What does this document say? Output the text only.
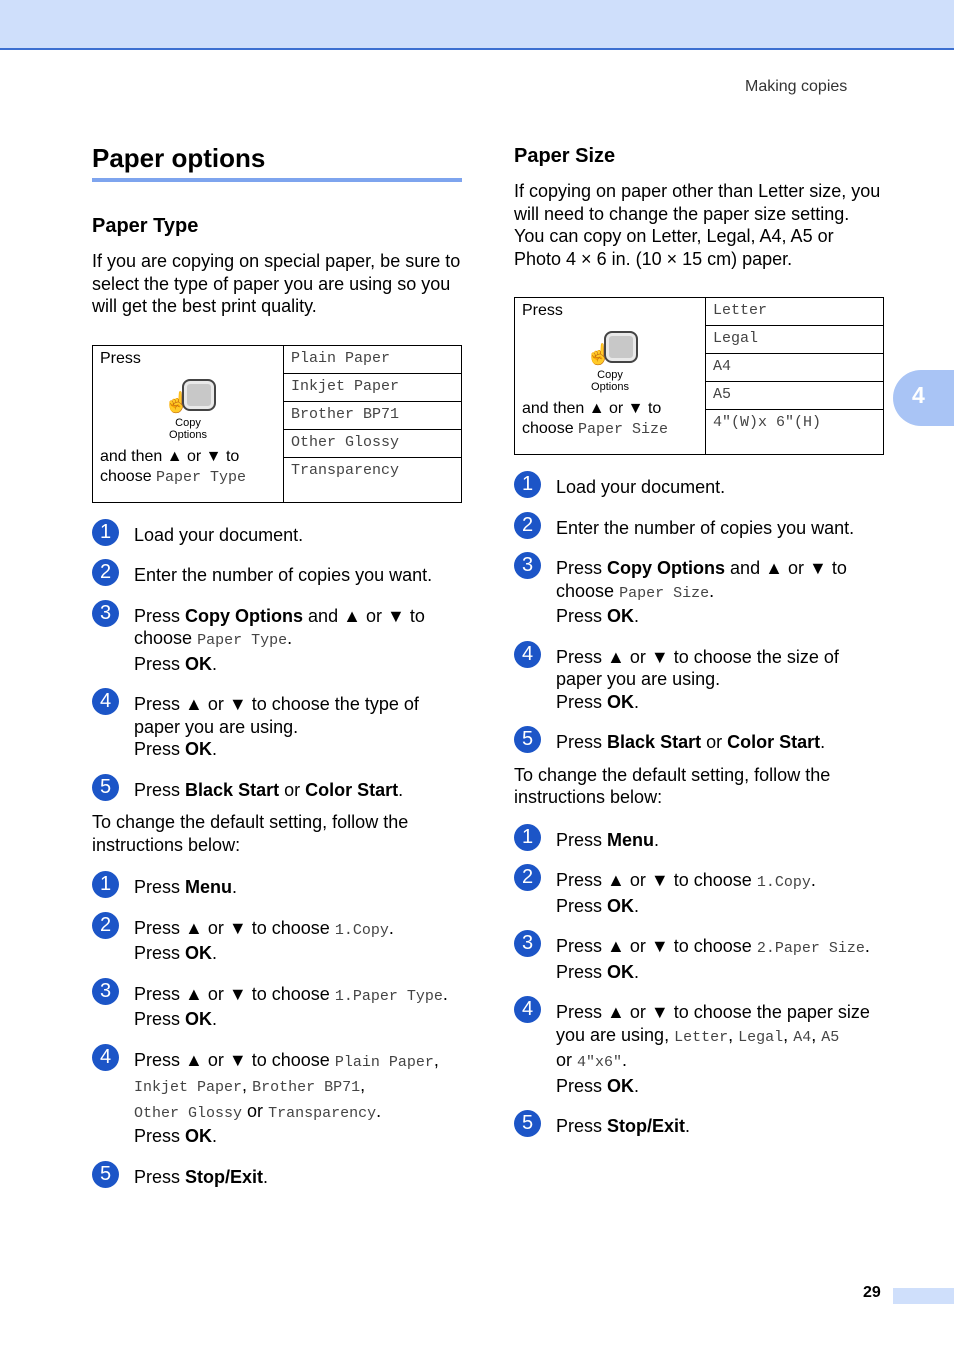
Making copies
4
29
Paper options
Paper Type

If you are copying on special paper, be sure to select the type of paper you are using so you will get the best print quality.

Press
☝
Copy Options
and then ▲ or ▼ to
choose Paper Type
	Plain Paper
Inkjet Paper
Brother BP71
Other Glossy
Transparency
1	Load your document.
2	Enter the number of copies you want.
3	Press Copy Options and ▲ or ▼ to
choose Paper Type.
Press OK.
4	Press ▲ or ▼ to choose the type of paper you are using.
Press OK.
5	Press Black Start or Color Start.

To change the default setting, follow the instructions below:

1	Press Menu.
2	Press ▲ or ▼ to choose 1.Copy.
Press OK.
3	Press ▲ or ▼ to choose 1.Paper Type.
Press OK.
4	Press ▲ or ▼ to choose Plain Paper,
Inkjet Paper, Brother BP71,
Other Glossy or Transparency.
Press OK.
5	Press Stop/Exit.
Paper Size

If copying on paper other than Letter size, you will need to change the paper size setting. You can copy on Letter, Legal, A4, A5 or Photo 4 × 6 in. (10 × 15 cm) paper.

Press
☝
Copy Options
and then ▲ or ▼ to
choose Paper Size
	Letter
Legal
A4
A5
4"(W)x 6"(H)
1	Load your document.
2	Enter the number of copies you want.
3	Press Copy Options and ▲ or ▼ to
choose Paper Size.
Press OK.
4	Press ▲ or ▼ to choose the size of paper you are using.
Press OK.
5	Press Black Start or Color Start.

To change the default setting, follow the instructions below:

1	Press Menu.
2	Press ▲ or ▼ to choose 1.Copy.
Press OK.
3	Press ▲ or ▼ to choose 2.Paper Size.
Press OK.
4	Press ▲ or ▼ to choose the paper size you are using, Letter, Legal, A4, A5
or 4"x6".
Press OK.
5	Press Stop/Exit.
